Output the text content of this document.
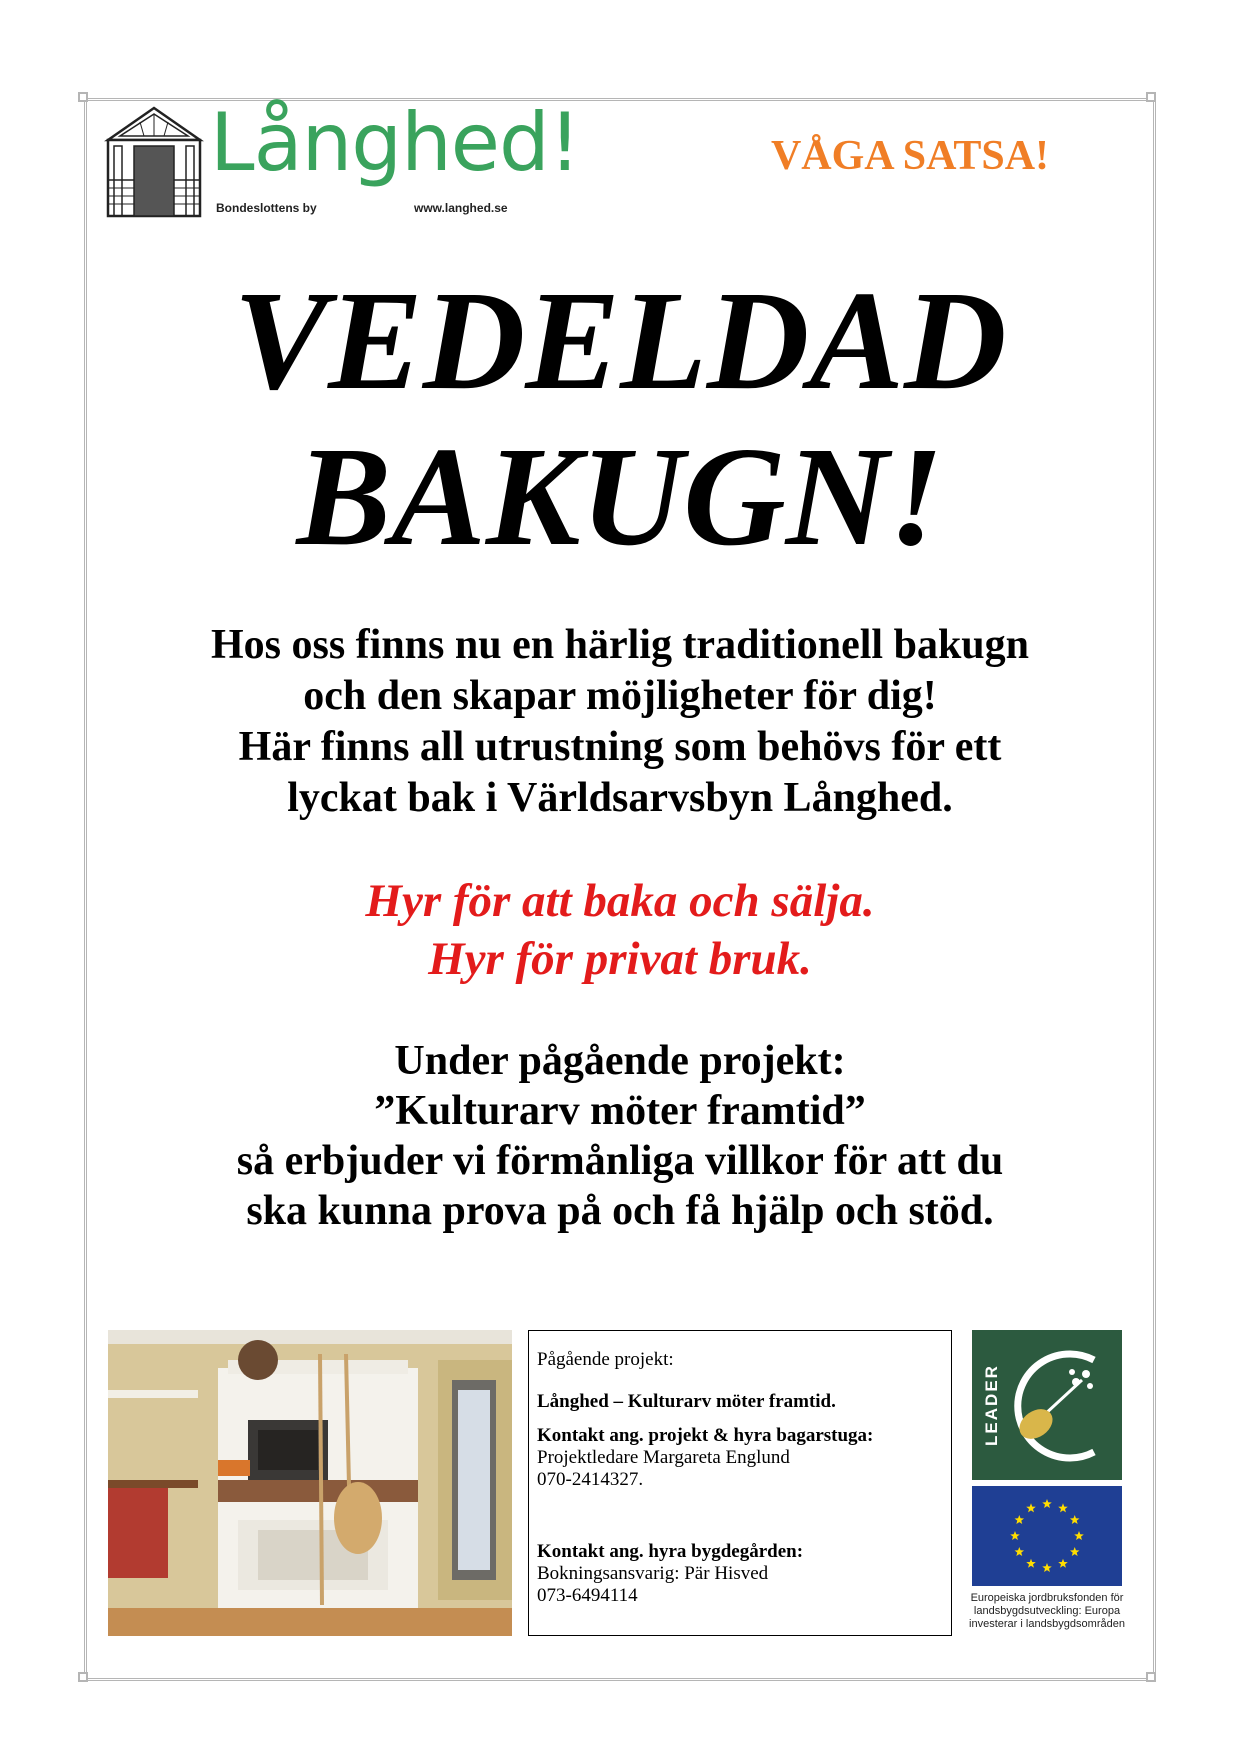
Långhed!
Bondeslottens by	www.langhed.se
VÅGA SATSA!
VEDELDAD
BAKUGN!
Hos oss finns nu en härlig traditionell bakugn
och den skapar möjligheter för dig!
Här finns all utrustning som behövs för ett
lyckat bak i Världsarvsbyn Långhed.
Hyr för att baka och sälja.
Hyr för privat bruk.
Under pågående projekt:
”Kulturarv möter framtid”
så erbjuder vi förmånliga villkor för att du
ska kunna prova på och få hjälp och stöd.

Pågående projekt:

Långhed – Kulturarv möter framtid.

Kontakt ang. projekt & hyra bagarstuga:

Projektledare Margareta Englund

070-2414327.

Kontakt ang. hyra bygdegården:

Bokningsansvarig: Pär Hisved

073-6494114

LEADER
Europeiska jordbruksfonden för landsbygdsutveckling: Europa investerar i landsbygdsområden
